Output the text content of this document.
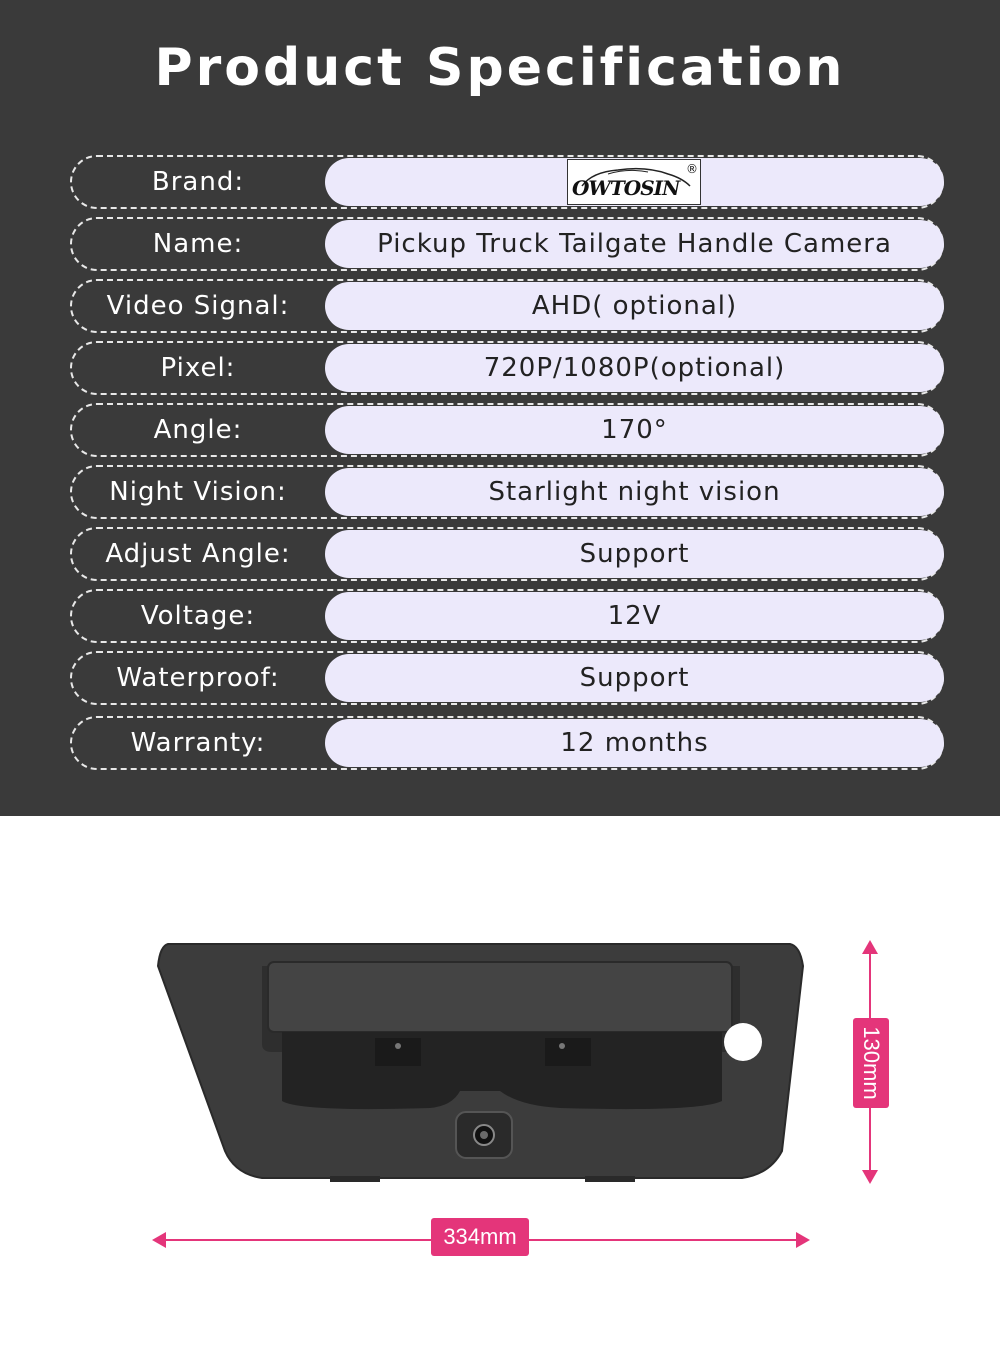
Product Specification
Brand:	OWTOSIN
®
Name:	Pickup Truck Tailgate Handle Camera
Video Signal:	AHD( optional)
Pixel:	720P/1080P(optional)
Angle:	170°
Night Vision:	Starlight night vision
Adjust Angle:	Support
Voltage:	12V
Waterproof:	Support
Warranty:	12 months
334mm
130mm
